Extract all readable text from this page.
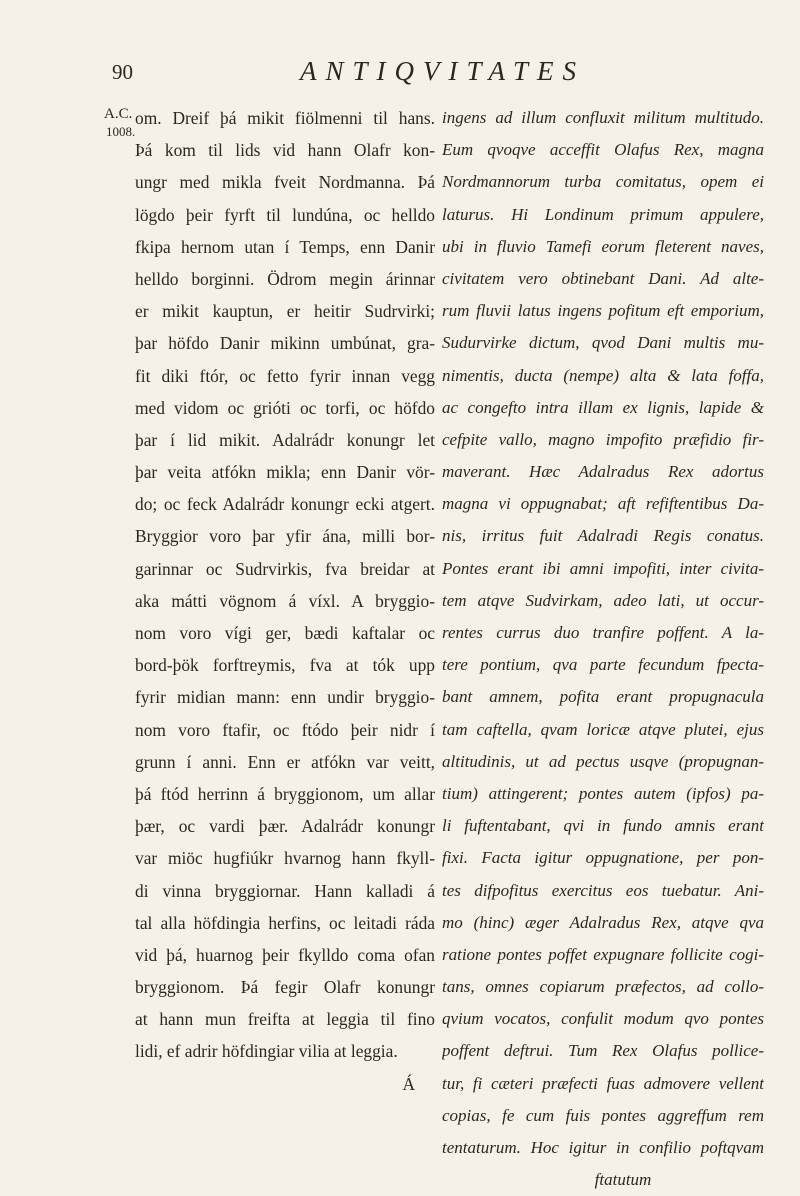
90	ANTIQVITATES
A.C.
1008.
om. Dreif þá mikit fiölmenni til hans.
Þá kom til lids vid hann Olafr kon-
ungr med mikla fveit Nordmanna. Þá
lögdo þeir fyrft til lundúna, oc helldo
fkipa hernom utan í Temps, enn Danir
helldo borginni. Ödrom megin árinnar
er mikit kauptun, er heitir Sudrvirki;
þar höfdo Danir mikinn umbúnat, gra-
fit diki ftór, oc fetto fyrir innan vegg
med vidom oc grióti oc torfi, oc höfdo
þar í lid mikit. Adalrádr konungr let
þar veita atfókn mikla; enn Danir vör-
do; oc feck Adalrádr konungr ecki atgert.
Bryggior voro þar yfir ána, milli bor-
garinnar oc Sudrvirkis, fva breidar at
aka mátti vögnom á víxl. A bryggio-
nom voro vígi ger, bædi kaftalar oc
bord-þök forftreymis, fva at tók upp
fyrir midian mann: enn undir bryggio-
nom voro ftafir, oc ftódo þeir nidr í
grunn í anni. Enn er atfókn var veitt,
þá ftód herrinn á bryggionom, um allar
þær, oc vardi þær. Adalrádr konungr
var miöc hugfiúkr hvarnog hann fkyll-
di vinna bryggiornar. Hann kalladi á
tal alla höfdingia herfins, oc leitadi ráda
vid þá, huarnog þeir fkylldo coma ofan
bryggionom. Þá fegir Olafr konungr
at hann mun freifta at leggia til fino
lidi, ef adrir höfdingiar vilia at leggia.
Á
ingens ad illum confluxit militum multitudo.
Eum qvoqve acceffit Olafus Rex, magna
Nordmannorum turba comitatus, opem ei
laturus. Hi Londinum primum appulere,
ubi in fluvio Tamefi eorum fleterent naves,
civitatem vero obtinebant Dani. Ad alte-
rum fluvii latus ingens pofitum eft emporium,
Sudurvirke dictum, qvod Dani multis mu-
nimentis, ducta (nempe) alta & lata foffa,
ac congefto intra illam ex lignis, lapide &
cefpite vallo, magno impofito præfidio fir-
maverant. Hæc Adalradus Rex adortus
magna vi oppugnabat; aft refiftentibus Da-
nis, irritus fuit Adalradi Regis conatus.
Pontes erant ibi amni impofiti, inter civita-
tem atqve Sudvirkam, adeo lati, ut occur-
rentes currus duo tranfire poffent. A la-
tere pontium, qva parte fecundum fpecta-
bant amnem, pofita erant propugnacula
tam caftella, qvam loricæ atqve plutei, ejus
altitudinis, ut ad pectus usqve (propugnan-
tium) attingerent; pontes autem (ipfos) pa-
li fuftentabant, qvi in fundo amnis erant
fixi. Facta igitur oppugnatione, per pon-
tes difpofitus exercitus eos tuebatur. Ani-
mo (hinc) æger Adalradus Rex, atqve qva
ratione pontes poffet expugnare follicite cogi-
tans, omnes copiarum præfectos, ad collo-
qvium vocatos, confulit modum qvo pontes
poffent deftrui. Tum Rex Olafus pollice-
tur, fi cæteri præfecti fuas admovere vellent
copias, fe cum fuis pontes aggreffum rem
tentaturum. Hoc igitur in confilio poftqvam
ftatutum
